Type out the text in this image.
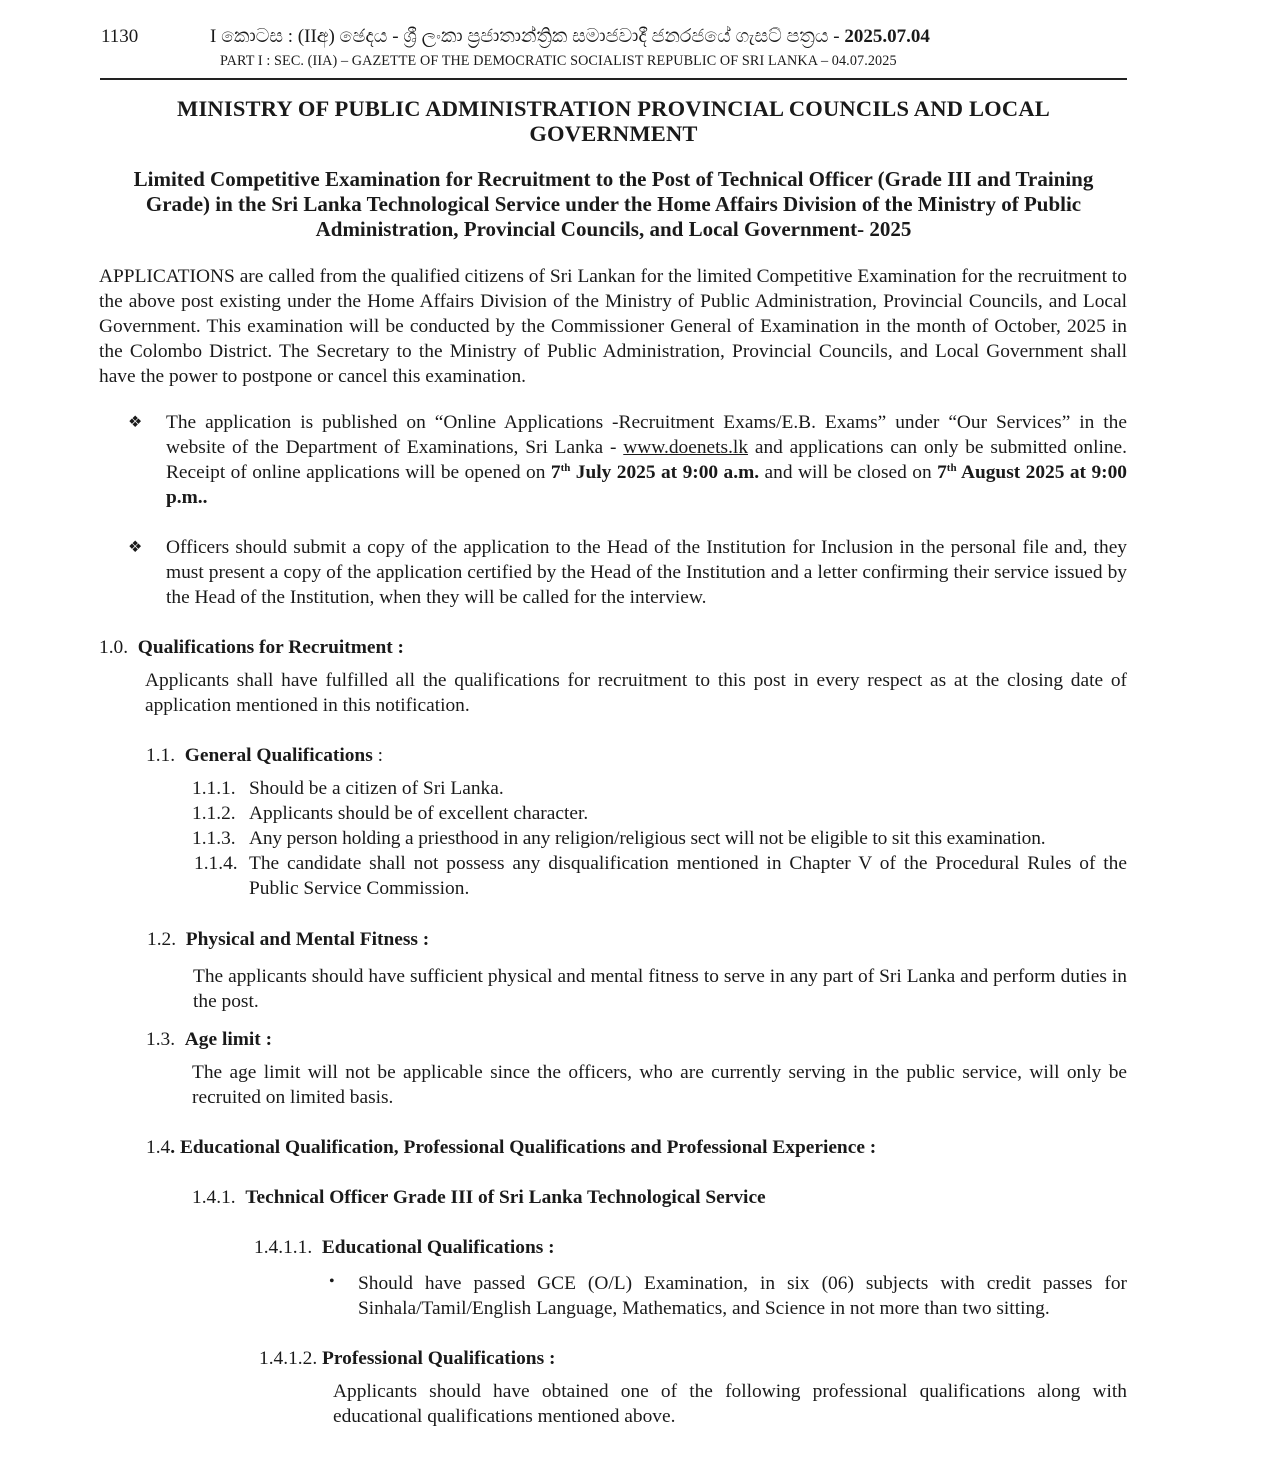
1130	I කොටස : (IIඅ) ඡෙදය - ශ්‍රී ලංකා ප්‍රජාතාන්ත්‍රික සමාජවාදී ජනරජයේ ගැසට් පත්‍රය - 2025.07.04
PART I : SEC. (IIA) – GAZETTE OF THE DEMOCRATIC SOCIALIST REPUBLIC OF SRI LANKA – 04.07.2025
MINISTRY OF PUBLIC ADMINISTRATION PROVINCIAL COUNCILS AND LOCAL GOVERNMENT
Limited Competitive Examination for Recruitment to the Post of Technical Officer (Grade III and Training Grade) in the Sri Lanka Technological Service under the Home Affairs Division of the Ministry of Public Administration, Provincial Councils, and Local Government- 2025
APPLICATIONS are called from the qualified citizens of Sri Lankan for the limited Competitive Examination for the recruitment to the above post existing under the Home Affairs Division of the Ministry of Public Administration, Provincial Councils, and Local Government. This examination will be conducted by the Commissioner General of Examination in the month of October, 2025 in the Colombo District. The Secretary to the Ministry of Public Administration, Provincial Councils, and Local Government shall have the power to postpone or cancel this examination.
❖ The application is published on “Online Applications -Recruitment Exams/E.B. Exams” under “Our Services” in the website of the Department of Examinations, Sri Lanka - www.doenets.lk and applications can only be submitted online. Receipt of online applications will be opened on 7th July 2025 at 9:00 a.m. and will be closed on 7th August 2025 at 9:00 p.m..
❖ Officers should submit a copy of the application to the Head of the Institution for Inclusion in the personal file and, they must present a copy of the application certified by the Head of the Institution and a letter confirming their service issued by the Head of the Institution, when they will be called for the interview.
1.0. Qualifications for Recruitment :
Applicants shall have fulfilled all the qualifications for recruitment to this post in every respect as at the closing date of application mentioned in this notification.
1.1. General Qualifications :
1.1.1. Should be a citizen of Sri Lanka.
1.1.2. Applicants should be of excellent character.
1.1.3. Any person holding a priesthood in any religion/religious sect will not be eligible to sit this examination.
1.1.4. The candidate shall not possess any disqualification mentioned in Chapter V of the Procedural Rules of the Public Service Commission.
1.2. Physical and Mental Fitness :
The applicants should have sufficient physical and mental fitness to serve in any part of Sri Lanka and perform duties in the post.
1.3. Age limit :
The age limit will not be applicable since the officers, who are currently serving in the public service, will only be recruited on limited basis.
1.4. Educational Qualification, Professional Qualifications and Professional Experience :
1.4.1. Technical Officer Grade III of Sri Lanka Technological Service
1.4.1.1. Educational Qualifications :
• Should have passed GCE (O/L) Examination, in six (06) subjects with credit passes for Sinhala/Tamil/English Language, Mathematics, and Science in not more than two sitting.
1.4.1.2. Professional Qualifications :
Applicants should have obtained one of the following professional qualifications along with educational qualifications mentioned above.
